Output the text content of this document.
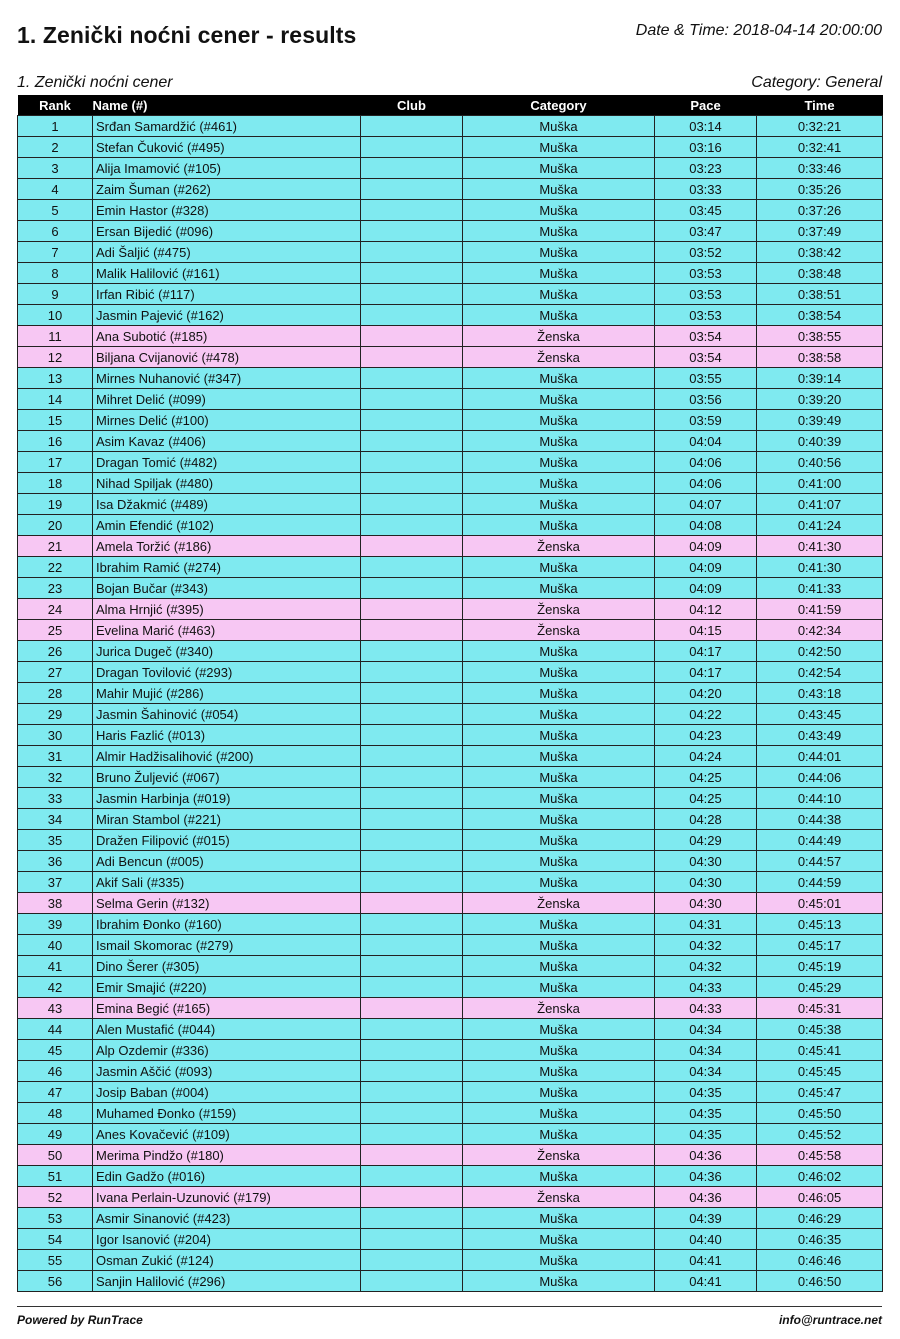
1. Zenički noćni cener - results	Date & Time: 2018-04-14 20:00:00
1. Zenički noćni cener	Category: General
Rank	Name (#)	Club	Category	Pace	Time
1	Srđan Samardžić (#461)		Muška	03:14	0:32:21
2	Stefan Čuković (#495)		Muška	03:16	0:32:41
3	Alija Imamović (#105)		Muška	03:23	0:33:46
4	Zaim Šuman (#262)		Muška	03:33	0:35:26
5	Emin Hastor (#328)		Muška	03:45	0:37:26
6	Ersan Bijedić (#096)		Muška	03:47	0:37:49
7	Adi Šaljić (#475)		Muška	03:52	0:38:42
8	Malik Halilović (#161)		Muška	03:53	0:38:48
9	Irfan Ribić (#117)		Muška	03:53	0:38:51
10	Jasmin Pajević (#162)		Muška	03:53	0:38:54
11	Ana Subotić (#185)		Ženska	03:54	0:38:55
12	Biljana Cvijanović (#478)		Ženska	03:54	0:38:58
13	Mirnes Nuhanović (#347)		Muška	03:55	0:39:14
14	Mihret Delić (#099)		Muška	03:56	0:39:20
15	Mirnes Delić (#100)		Muška	03:59	0:39:49
16	Asim Kavaz (#406)		Muška	04:04	0:40:39
17	Dragan Tomić (#482)		Muška	04:06	0:40:56
18	Nihad Spiljak (#480)		Muška	04:06	0:41:00
19	Isa Džakmić (#489)		Muška	04:07	0:41:07
20	Amin Efendić (#102)		Muška	04:08	0:41:24
21	Amela Toržić (#186)		Ženska	04:09	0:41:30
22	Ibrahim Ramić (#274)		Muška	04:09	0:41:30
23	Bojan Bučar (#343)		Muška	04:09	0:41:33
24	Alma Hrnjić (#395)		Ženska	04:12	0:41:59
25	Evelina Marić (#463)		Ženska	04:15	0:42:34
26	Jurica Dugeč (#340)		Muška	04:17	0:42:50
27	Dragan Tovilović (#293)		Muška	04:17	0:42:54
28	Mahir Mujić (#286)		Muška	04:20	0:43:18
29	Jasmin Šahinović (#054)		Muška	04:22	0:43:45
30	Haris Fazlić (#013)		Muška	04:23	0:43:49
31	Almir Hadžisalihović (#200)		Muška	04:24	0:44:01
32	Bruno Žuljević (#067)		Muška	04:25	0:44:06
33	Jasmin Harbinja (#019)		Muška	04:25	0:44:10
34	Miran Stambol (#221)		Muška	04:28	0:44:38
35	Dražen Filipović (#015)		Muška	04:29	0:44:49
36	Adi Bencun (#005)		Muška	04:30	0:44:57
37	Akif Sali (#335)		Muška	04:30	0:44:59
38	Selma Gerin (#132)		Ženska	04:30	0:45:01
39	Ibrahim Đonko (#160)		Muška	04:31	0:45:13
40	Ismail Skomorac (#279)		Muška	04:32	0:45:17
41	Dino Šerer (#305)		Muška	04:32	0:45:19
42	Emir Smajić (#220)		Muška	04:33	0:45:29
43	Emina Begić (#165)		Ženska	04:33	0:45:31
44	Alen Mustafić (#044)		Muška	04:34	0:45:38
45	Alp Ozdemir (#336)		Muška	04:34	0:45:41
46	Jasmin Aščić (#093)		Muška	04:34	0:45:45
47	Josip Baban (#004)		Muška	04:35	0:45:47
48	Muhamed Đonko (#159)		Muška	04:35	0:45:50
49	Anes Kovačević (#109)		Muška	04:35	0:45:52
50	Merima Pindžo (#180)		Ženska	04:36	0:45:58
51	Edin Gadžo (#016)		Muška	04:36	0:46:02
52	Ivana Perlain-Uzunović (#179)		Ženska	04:36	0:46:05
53	Asmir Sinanović (#423)		Muška	04:39	0:46:29
54	Igor Isanović (#204)		Muška	04:40	0:46:35
55	Osman Zukić (#124)		Muška	04:41	0:46:46
56	Sanjin Halilović (#296)		Muška	04:41	0:46:50
Powered by RunTrace	info@runtrace.net
